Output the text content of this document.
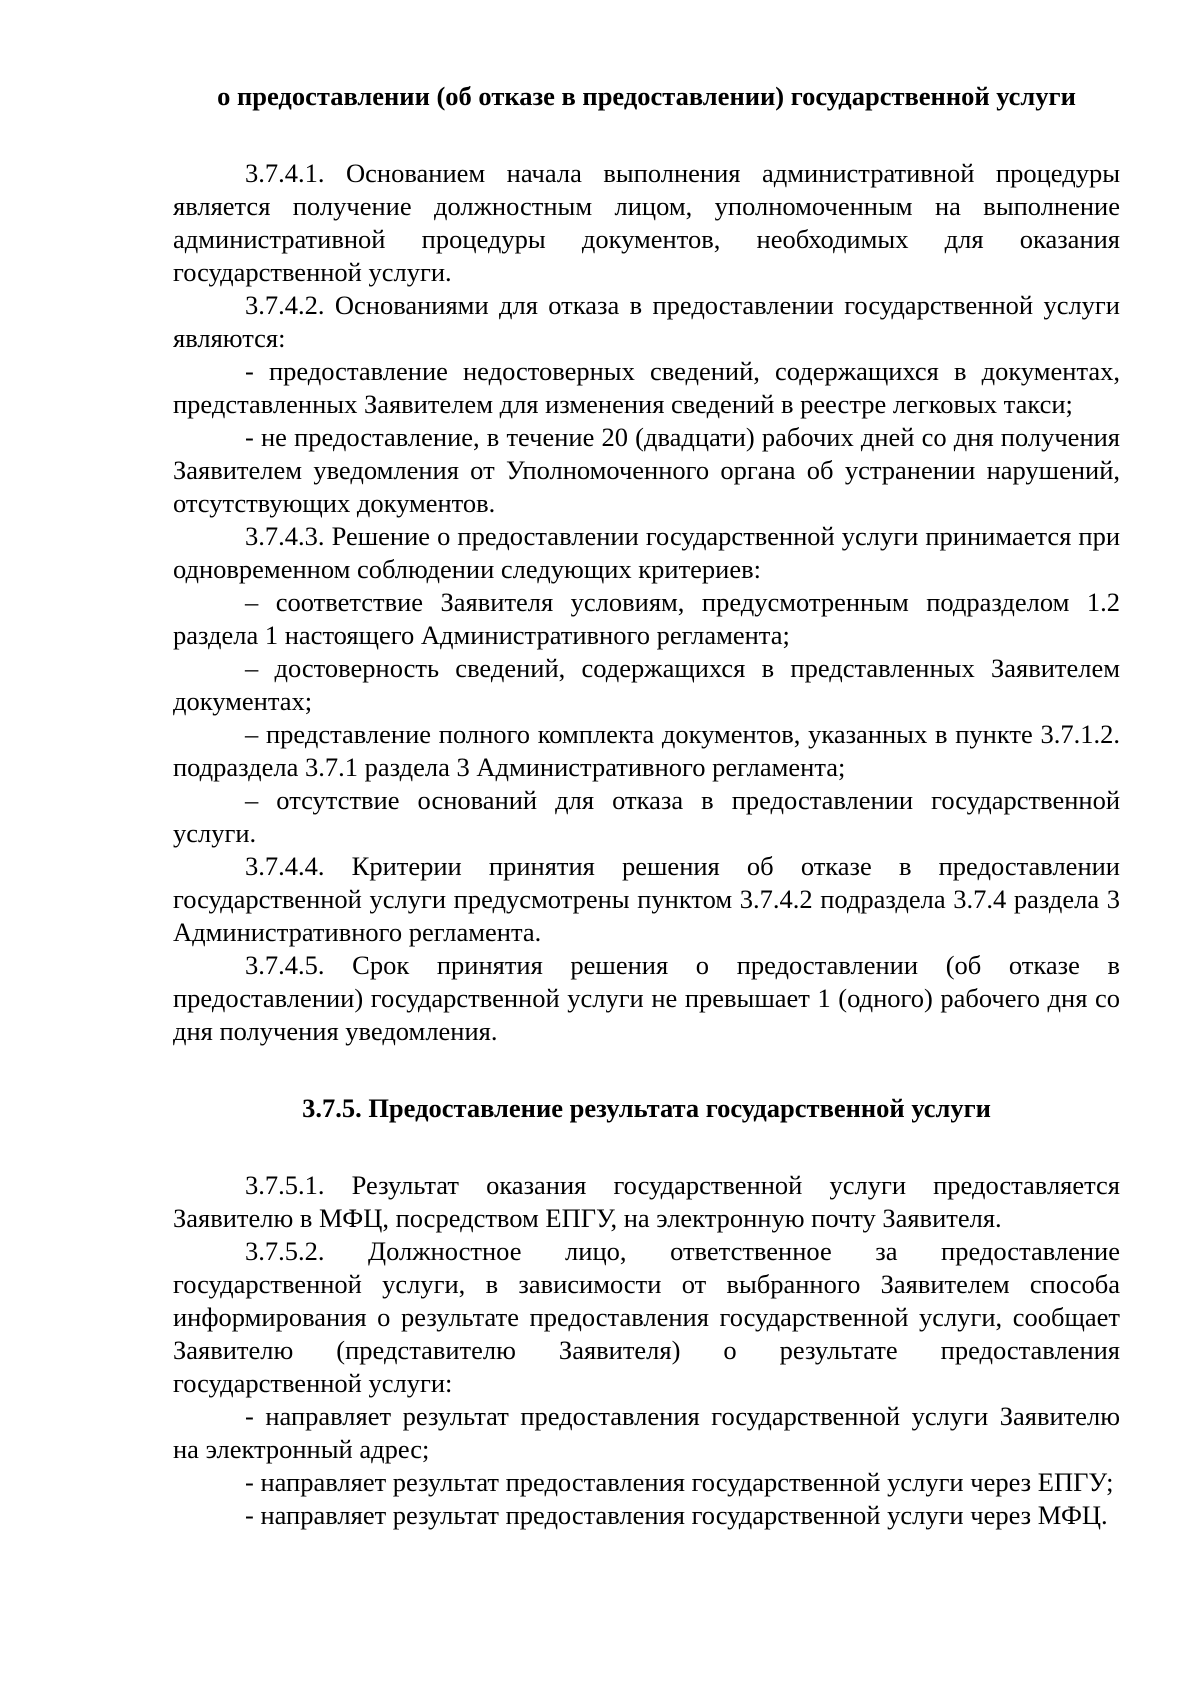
о предоставлении (об отказе в предоставлении) государственной услуги

3.7.4.1. Основанием начала выполнения административной процедуры является получение должностным лицом, уполномоченным на выполнение административной процедуры документов, необходимых для оказания государственной услуги.

3.7.4.2. Основаниями для отказа в предоставлении государственной услуги являются:

- предоставление недостоверных сведений, содержащихся в документах, представленных Заявителем для изменения сведений в реестре легковых такси;

- не предоставление, в течение 20 (двадцати) рабочих дней со дня получения Заявителем уведомления от Уполномоченного органа об устранении нарушений, отсутствующих документов.

3.7.4.3. Решение о предоставлении государственной услуги принимается при одновременном соблюдении следующих критериев:

– соответствие Заявителя условиям, предусмотренным подразделом 1.2 раздела 1 настоящего Административного регламента;

– достоверность сведений, содержащихся в представленных Заявителем документах;

– представление полного комплекта документов, указанных в пункте 3.7.1.2. подраздела 3.7.1 раздела 3 Административного регламента;

– отсутствие оснований для отказа в предоставлении государственной услуги.

3.7.4.4. Критерии принятия решения об отказе в предоставлении государственной услуги предусмотрены пунктом 3.7.4.2 подраздела 3.7.4 раздела 3 Административного регламента.

3.7.4.5. Срок принятия решения о предоставлении (об отказе в предоставлении) государственной услуги не превышает 1 (одного) рабочего дня со дня получения уведомления.

3.7.5. Предоставление результата государственной услуги

3.7.5.1. Результат оказания государственной услуги предоставляется Заявителю в МФЦ, посредством ЕПГУ, на электронную почту Заявителя.

3.7.5.2. Должностное лицо, ответственное за предоставление государственной услуги, в зависимости от выбранного Заявителем способа информирования о результате предоставления государственной услуги, сообщает Заявителю (представителю Заявителя) о результате предоставления государственной услуги:

- направляет результат предоставления государственной услуги Заявителю на электронный адрес;

- направляет результат предоставления государственной услуги через ЕПГУ;

- направляет результат предоставления государственной услуги через МФЦ.
